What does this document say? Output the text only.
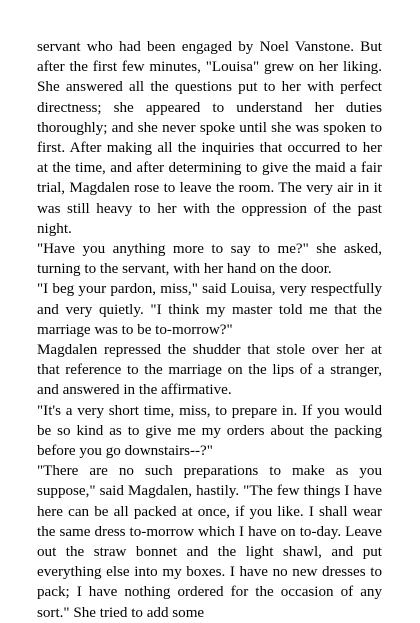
servant who had been engaged by Noel Vanstone. But after the first few minutes, "Louisa" grew on her liking. She answered all the questions put to her with perfect directness; she appeared to understand her duties thoroughly; and she never spoke until she was spoken to first. After making all the inquiries that occurred to her at the time, and after determining to give the maid a fair trial, Magdalen rose to leave the room. The very air in it was still heavy to her with the oppression of the past night.

"Have you anything more to say to me?" she asked, turning to the servant, with her hand on the door.

"I beg your pardon, miss," said Louisa, very respectfully and very quietly. "I think my master told me that the marriage was to be to-morrow?"

Magdalen repressed the shudder that stole over her at that reference to the marriage on the lips of a stranger, and answered in the affirmative.

"It's a very short time, miss, to prepare in. If you would be so kind as to give me my orders about the packing before you go downstairs--?"

"There are no such preparations to make as you suppose," said Magdalen, hastily. "The few things I have here can be all packed at once, if you like. I shall wear the same dress to-morrow which I have on to-day. Leave out the straw bonnet and the light shawl, and put everything else into my boxes. I have no new dresses to pack; I have nothing ordered for the occasion of any sort." She tried to add some
